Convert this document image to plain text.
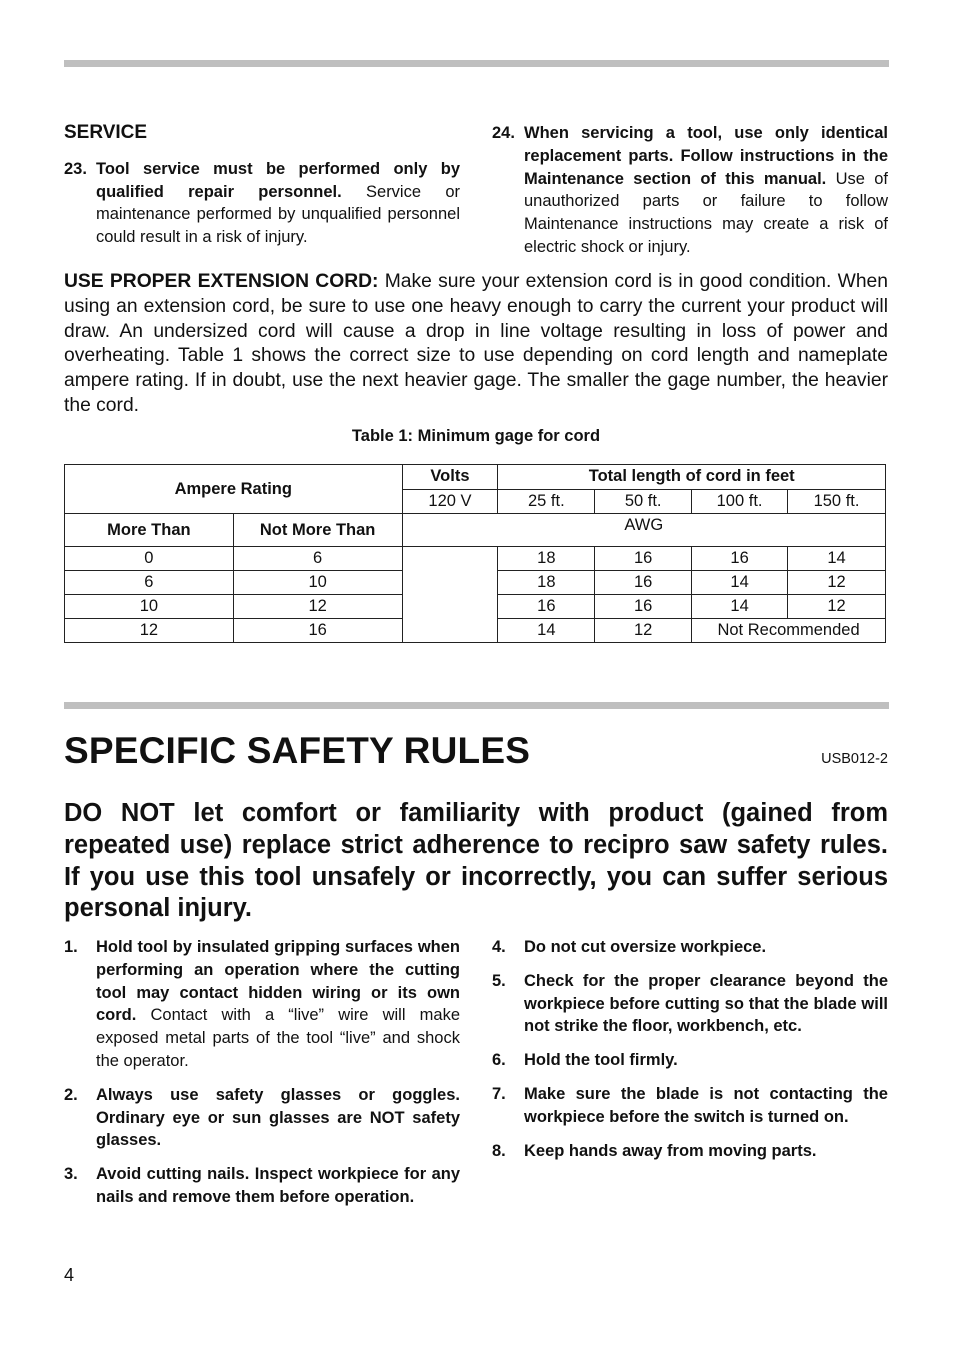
SERVICE
23. Tool service must be performed only by qualified repair personnel. Service or maintenance performed by unqualified personnel could result in a risk of injury.
24. When servicing a tool, use only identical replacement parts. Follow instructions in the Maintenance section of this manual. Use of unauthorized parts or failure to follow Maintenance instructions may create a risk of electric shock or injury.
USE PROPER EXTENSION CORD: Make sure your extension cord is in good condition. When using an extension cord, be sure to use one heavy enough to carry the current your product will draw. An undersized cord will cause a drop in line voltage resulting in loss of power and overheating. Table 1 shows the correct size to use depending on cord length and nameplate ampere rating. If in doubt, use the next heavier gage. The smaller the gage number, the heavier the cord.
Table 1: Minimum gage for cord
Ampere Rating		Volts	Total length of cord in feet			
		120 V	25 ft.	50 ft.	100 ft.	150 ft.
More Than	Not More Than	AWG				
0	6		18	16	16	14
6	10		18	16	14	12
10	12		16	16	14	12
12	16		14	12	Not Recommended	
SPECIFIC SAFETY RULES	USB012-2
DO NOT let comfort or familiarity with product (gained from repeated use) replace strict adherence to recipro saw safety rules. If you use this tool unsafely or incorrectly, you can suffer serious personal injury.
1. Hold tool by insulated gripping surfaces when performing an operation where the cutting tool may contact hidden wiring or its own cord. Contact with a “live” wire will make exposed metal parts of the tool “live” and shock the operator.
2. Always use safety glasses or goggles. Ordinary eye or sun glasses are NOT safety glasses.
3. Avoid cutting nails. Inspect workpiece for any nails and remove them before operation.
4. Do not cut oversize workpiece.
5. Check for the proper clearance beyond the workpiece before cutting so that the blade will not strike the floor, workbench, etc.
6. Hold the tool firmly.
7. Make sure the blade is not contacting the workpiece before the switch is turned on.
8. Keep hands away from moving parts.
4
